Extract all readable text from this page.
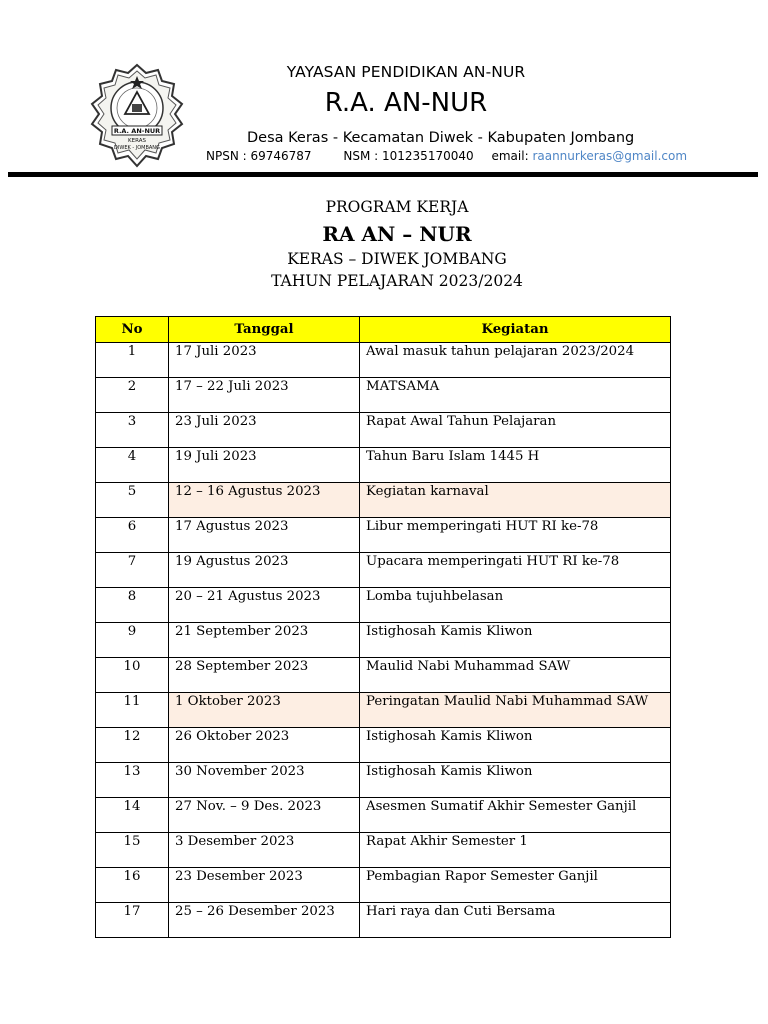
R.A. AN-NUR
KERAS
DIWEK - JOMBANG
YAYASAN PENDIDIKAN AN-NUR
R.A. AN-NUR
Desa Keras - Kecamatan Diwek - Kabupaten Jombang
NPSN : 69746787	NSM : 101235170040 email: raannurkeras@gmail.com
PROGRAM KERJA
RA AN – NUR
KERAS – DIWEK JOMBANG
TAHUN PELAJARAN 2023/2024
No	Tanggal	Kegiatan
1	17 Juli 2023	Awal masuk tahun pelajaran 2023/2024
2	17 – 22 Juli 2023	MATSAMA
3	23 Juli 2023	Rapat Awal Tahun Pelajaran
4	19 Juli 2023	Tahun Baru Islam 1445 H
5	12 – 16 Agustus 2023	Kegiatan karnaval
6	17 Agustus 2023	Libur memperingati HUT RI ke-78
7	19 Agustus 2023	Upacara memperingati HUT RI ke-78
8	20 – 21 Agustus 2023	Lomba tujuhbelasan
9	21 September 2023	Istighosah Kamis Kliwon
10	28 September 2023	Maulid Nabi Muhammad SAW
11	1 Oktober 2023	Peringatan Maulid Nabi Muhammad SAW
12	26 Oktober 2023	Istighosah Kamis Kliwon
13	30 November 2023	Istighosah Kamis Kliwon
14	27 Nov. – 9 Des. 2023	Asesmen Sumatif Akhir Semester Ganjil
15	3 Desember 2023	Rapat Akhir Semester 1
16	23 Desember 2023	Pembagian Rapor Semester Ganjil
17	25 – 26 Desember 2023	Hari raya dan Cuti Bersama
